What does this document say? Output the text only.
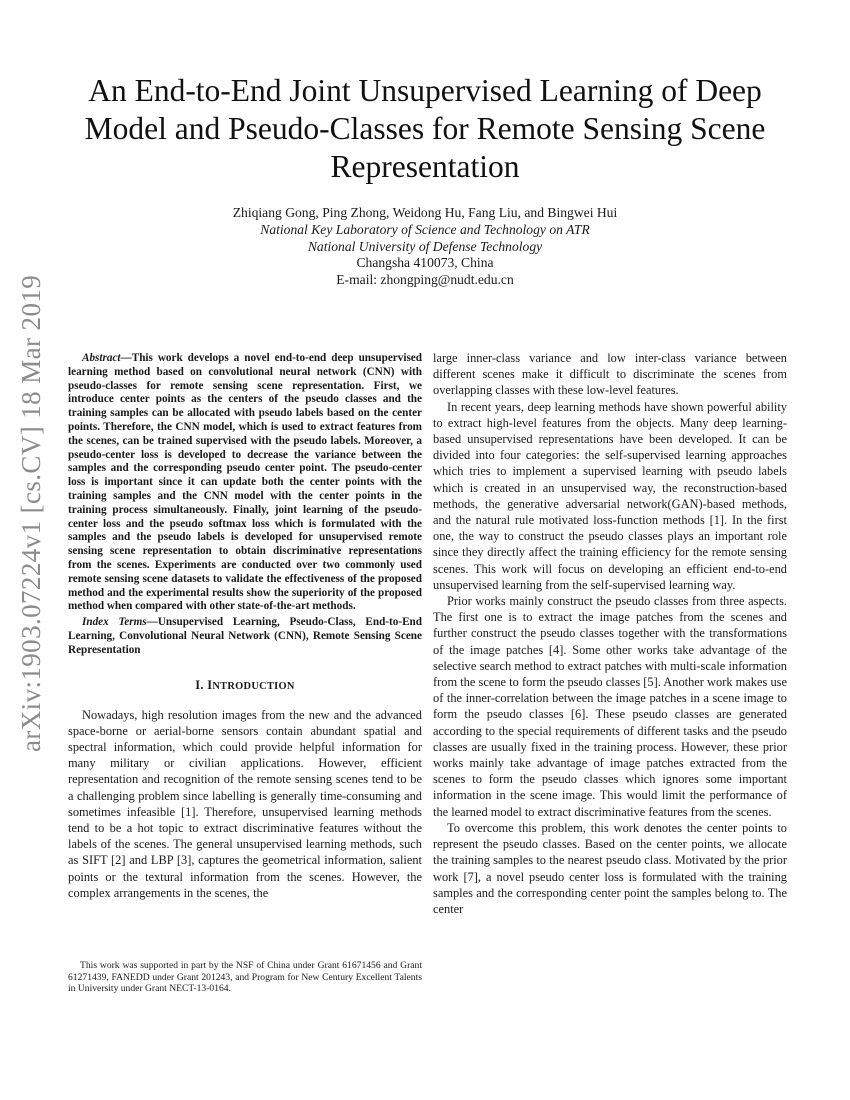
arXiv:1903.07224v1 [cs.CV] 18 Mar 2019
An End-to-End Joint Unsupervised Learning of Deep Model and Pseudo-Classes for Remote Sensing Scene Representation
Zhiqiang Gong, Ping Zhong, Weidong Hu, Fang Liu, and Bingwei Hui
National Key Laboratory of Science and Technology on ATR
National University of Defense Technology
Changsha 410073, China
E-mail: zhongping@nudt.edu.cn

Abstract—This work develops a novel end-to-end deep unsupervised learning method based on convolutional neural network (CNN) with pseudo-classes for remote sensing scene representation. First, we introduce center points as the centers of the pseudo classes and the training samples can be allocated with pseudo labels based on the center points. Therefore, the CNN model, which is used to extract features from the scenes, can be trained supervised with the pseudo labels. Moreover, a pseudo-center loss is developed to decrease the variance between the samples and the corresponding pseudo center point. The pseudo-center loss is important since it can update both the center points with the training samples and the CNN model with the center points in the training process simultaneously. Finally, joint learning of the pseudo-center loss and the pseudo softmax loss which is formulated with the samples and the pseudo labels is developed for unsupervised remote sensing scene representation to obtain discriminative representations from the scenes. Experiments are conducted over two commonly used remote sensing scene datasets to validate the effectiveness of the proposed method and the experimental results show the superiority of the proposed method when compared with other state-of-the-art methods.

Index Terms—Unsupervised Learning, Pseudo-Class, End-to-End Learning, Convolutional Neural Network (CNN), Remote Sensing Scene Representation

I. INTRODUCTION

Nowadays, high resolution images from the new and the advanced space-borne or aerial-borne sensors contain abundant spatial and spectral information, which could provide helpful information for many military or civilian applications. However, efficient representation and recognition of the remote sensing scenes tend to be a challenging problem since labelling is generally time-consuming and sometimes infeasible [1]. Therefore, unsupervised learning methods tend to be a hot topic to extract discriminative features without the labels of the scenes. The general unsupervised learning methods, such as SIFT [2] and LBP [3], captures the geometrical information, salient points or the textural information from the scenes. However, the complex arrangements in the scenes, the

This work was supported in part by the NSF of China under Grant 61671456 and Grant 61271439, FANEDD under Grant 201243, and Program for New Century Excellent Talents in University under Grant NECT-13-0164.

large inner-class variance and low inter-class variance between different scenes make it difficult to discriminate the scenes from overlapping classes with these low-level features.

In recent years, deep learning methods have shown powerful ability to extract high-level features from the objects. Many deep learning-based unsupervised representations have been developed. It can be divided into four categories: the self-supervised learning approaches which tries to implement a supervised learning with pseudo labels which is created in an unsupervised way, the reconstruction-based methods, the generative adversarial network(GAN)-based methods, and the natural rule motivated loss-function methods [1]. In the first one, the way to construct the pseudo classes plays an important role since they directly affect the training efficiency for the remote sensing scenes. This work will focus on developing an efficient end-to-end unsupervised learning from the self-supervised learning way.

Prior works mainly construct the pseudo classes from three aspects. The first one is to extract the image patches from the scenes and further construct the pseudo classes together with the transformations of the image patches [4]. Some other works take advantage of the selective search method to extract patches with multi-scale information from the scene to form the pseudo classes [5]. Another work makes use of the inner-correlation between the image patches in a scene image to form the pseudo classes [6]. These pseudo classes are generated according to the special requirements of different tasks and the pseudo classes are usually fixed in the training process. However, these prior works mainly take advantage of image patches extracted from the scenes to form the pseudo classes which ignores some important information in the scene image. This would limit the performance of the learned model to extract discriminative features from the scenes.

To overcome this problem, this work denotes the center points to represent the pseudo classes. Based on the center points, we allocate the training samples to the nearest pseudo class. Motivated by the prior work [7], a novel pseudo center loss is formulated with the training samples and the corresponding center point the samples belong to. The center
